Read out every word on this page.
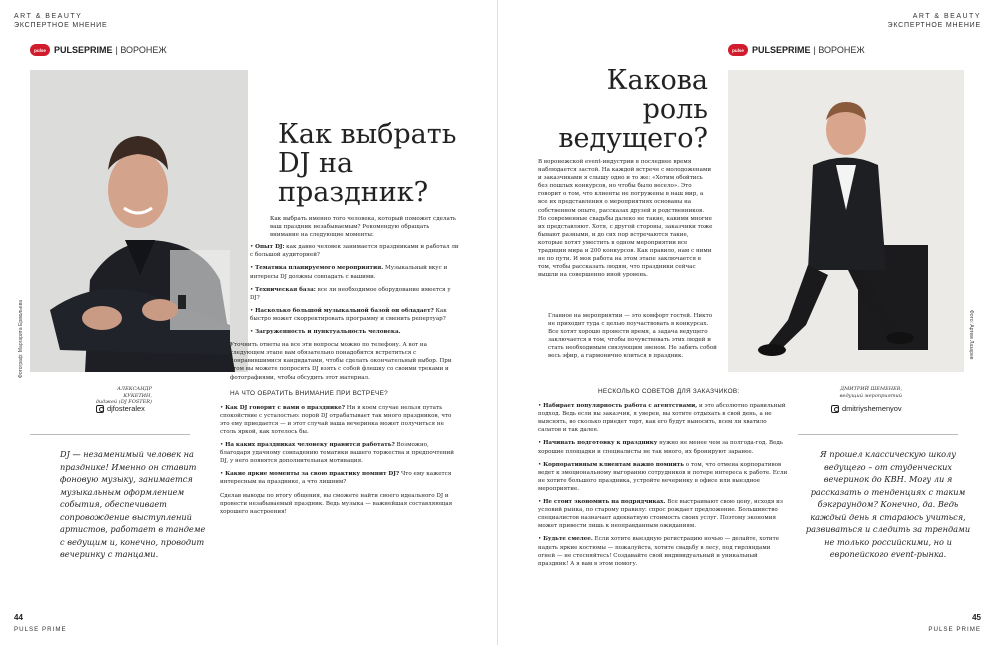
ART & BEAUTY
ЭКСПЕРТНОЕ МНЕНИЕ
pulse PULSEPRIME | ВОРОНЕЖ
Фотограф: Маргарита Ермольева
Как выбрать DJ на праздник?

Как выбрать именно того человека, который поможет сделать ваш праздник незабываемым? Рекомендую обращать внимание на следующие моменты:

• Опыт DJ: как давно человек занимается праздниками и работал ли с большой аудиторией?

• Тематика планируемого мероприятия. Музыкальный вкус и интересы DJ должны совпадать с вашими.

• Техническая база: все ли необходимое оборудование имеется у DJ?

• Насколько большой музыкальной базой он обладает? Как быстро может скорректировать программу и сменить репертуар?

• Загруженность и пунктуальность человека.

Уточнить ответы на все эти вопросы можно по телефону. А вот на следующем этапе вам обязательно понадобится встретиться с понравившимися кандидатами, чтобы сделать окончательный выбор. При этом вы можете попросить DJ взять с собой флешку со своими треками и фотографиями, чтобы обсудить этот материал.

НА ЧТО ОБРАТИТЬ ВНИМАНИЕ ПРИ ВСТРЕЧЕ?

• Как DJ говорит с вами о празднике? Ни в коем случае нельзя путать спокойствие с усталостью: порой DJ отрабатывает так много праздников, что это ему приедается — и этот случай ваша вечеринка может получиться не столь яркой, как хотелось бы.

• На каких праздниках человеку нравится работать? Возможно, благодаря удачному совпадению тематики вашего торжества и предпочтений DJ, у него появятся дополнительная мотивация.

• Какие яркие моменты за свою практику помнит DJ? Что ему кажется интересным на празднике, а что лишним?

Сделав выводы по итогу общения, вы сможете найти своего идеального DJ и провести незабываемый праздник. Ведь музыка — важнейшая составляющая хорошего настроения!

АЛЕКСАНДР КУКЕТИН,
диджей (DJ FOSTER)
djfosteralex
DJ — незаменимый человек на празднике! Именно он ставит фоновую музыку, занимается музыкальным оформлением события, обеспечивает сопровождение выступлений артистов, работает в тандеме с ведущим и, конечно, проводит вечеринку с танцами.
44
PULSE PRIME
ART & BEAUTY
ЭКСПЕРТНОЕ МНЕНИЕ
pulse PULSEPRIME | ВОРОНЕЖ
Какова роль ведущего?
Фото: Артем Лазарев

В воронежской event-индустрии в последнее время наблюдается застой. На каждой встрече с молодоженами и заказчиками я слышу одно и то же: «Хотим обойтись без пошлых конкурсов, но чтобы было весело». Это говорит о том, что клиенты не погружены в наш мир, а все их представления о мероприятиях основаны на собственном опыте, рассказах друзей и родственников. Но современные свадьбы далеко не такие, какими многие их представляют. Хотя, с другой стороны, заказчики тоже бывают разными, и до сих пор встречаются такие, которые хотят уместить в одном мероприятии все традиции мира и 200 конкурсов. Как правило, нам с ними не по пути. И моя работа на этом этапе заключается в том, чтобы рассказать людям, что праздники сейчас вышли на совершенно иной уровень.

Главное на мероприятии — это комфорт гостей. Никто не приходит туда с целью поучаствовать в конкурсах. Все хотят хорошо провести время, а задача ведущего заключается в том, чтобы почувствовать этих людей и стать необходимым связующим звеном. Не забить собой весь эфир, а гармонично влиться в праздник.

НЕСКОЛЬКО СОВЕТОВ ДЛЯ ЗАКАЗЧИКОВ:

• Набирает популярность работа с агентствами, и это абсолютно правильный подход. Ведь если вы заказчик, я уверен, вы хотите отдыхать в свой день, а не выяснять, во сколько приедет торт, как его будут выносить, всем ли хватило салатов и так далее.

• Начинать подготовку к празднику нужно не менее чем за полгода-год. Ведь хорошие площадки и специалисты не так много, их бронируют заранее.

• Корпоративным клиентам важно помнить о том, что отмена корпоративов ведет к эмоциональному выгоранию сотрудников и потере интереса к работе. Если не хотите большого праздника, устройте вечеринку в офисе или выездное мероприятие.

• Не стоит экономить на подрядчиках. Все выстраивают свою цену, исходя из условий рынка, по старому правилу: спрос рождает предложение. Большинство специалистов назначает адекватную стоимость своих услуг. Поэтому экономия может привести лишь к неоправданным ожиданиям.

• Будьте смелее. Если хотите выездную регистрацию ночью — делайте, хотите надеть яркие костюмы — пожалуйста, хотите свадьбу в лесу, под гирляндами огней — не стесняйтесь! Создавайте свой индивидуальный и уникальный праздник! А я вам в этом помогу.

ДМИТРИЙ ШЕМЕНЕВ,
ведущий мероприятий
dmitriyshemenyov
Я прошел классическую школу ведущего – от студенческих вечеринок до КВН. Могу ли я рассказать о тенденциях с таким бэкграундом? Конечно, да. Ведь каждый день я стараюсь учиться, развиваться и следить за трендами не только российскими, но и европейского event-рынка.
45
PULSE PRIME
